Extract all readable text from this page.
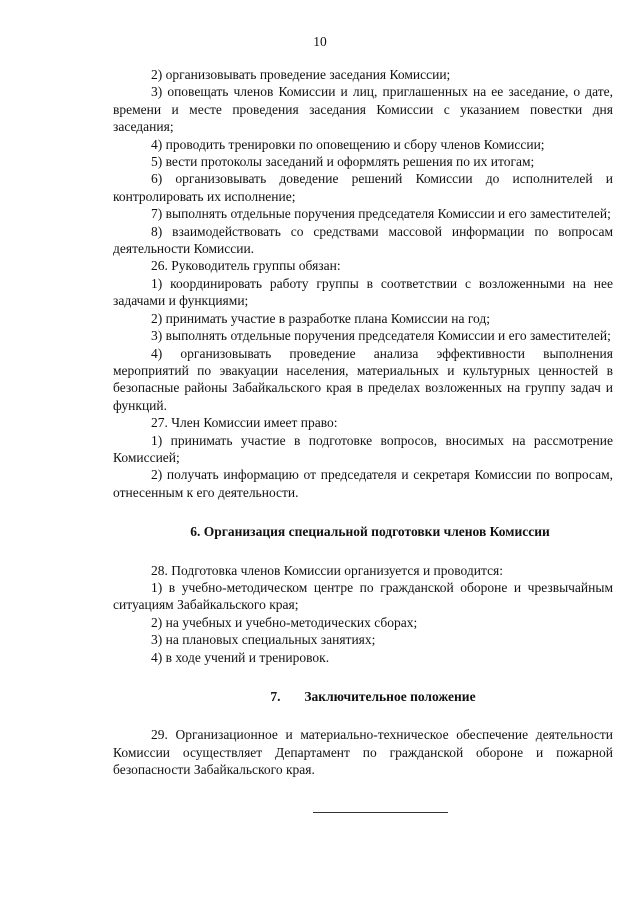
10

2) организовывать проведение заседания Комиссии;

3) оповещать членов Комиссии и лиц, приглашенных на ее заседание, о дате, времени и месте проведения заседания Комиссии с указанием повестки дня заседания;

4) проводить тренировки по оповещению и сбору членов Комиссии;

5) вести протоколы заседаний и оформлять решения по их итогам;

6) организовывать доведение решений Комиссии до исполнителей и контролировать их исполнение;

7) выполнять отдельные поручения председателя Комиссии и его заместителей;

8) взаимодействовать со средствами массовой информации по вопросам деятельности Комиссии.

26. Руководитель группы обязан:

1) координировать работу группы в соответствии с возложенными на нее задачами и функциями;

2) принимать участие в разработке плана Комиссии на год;

3) выполнять отдельные поручения председателя Комиссии и его заместителей;

4) организовывать проведение анализа эффективности выполнения мероприятий по эвакуации населения, материальных и культурных ценностей в безопасные районы Забайкальского края в пределах возложенных на группу задач и функций.

27. Член Комиссии имеет право:

1) принимать участие в подготовке вопросов, вносимых на рассмотрение Комиссией;

2) получать информацию от председателя и секретаря Комиссии по вопросам, отнесенным к его деятельности.

6. Организация специальной подготовки членов Комиссии

28. Подготовка членов Комиссии организуется и проводится:

1) в учебно-методическом центре по гражданской обороне и чрезвычайным ситуациям Забайкальского края;

2) на учебных и учебно-методических сборах;

3) на плановых специальных занятиях;

4) в ходе учений и тренировок.

7. Заключительное положение

29. Организационное и материально-техническое обеспечение деятельности Комиссии осуществляет Департамент по гражданской обороне и пожарной безопасности Забайкальского края.
